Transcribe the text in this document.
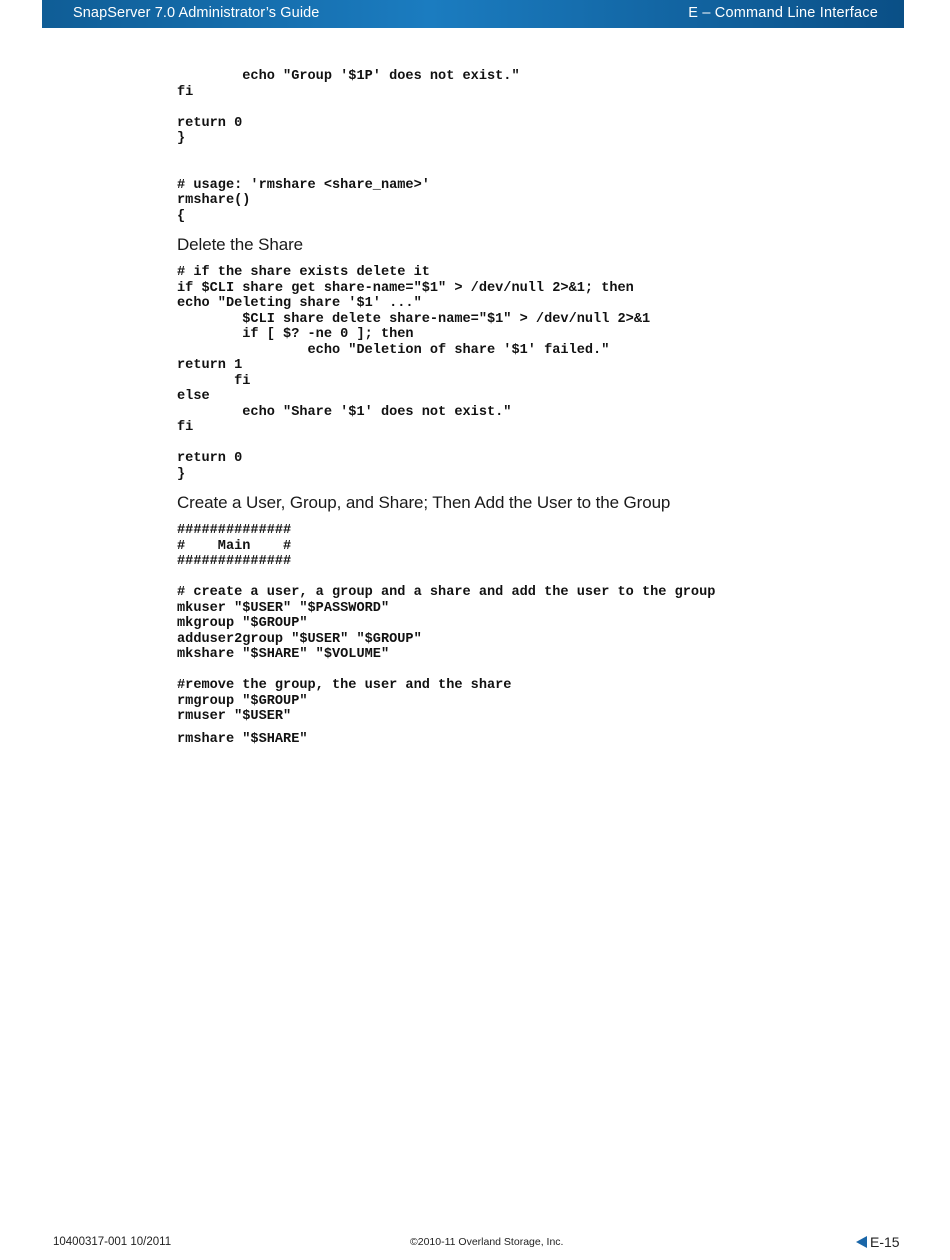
SnapServer 7.0 Administrator’s Guide	E – Command Line Interface
echo "Group '$1P' does not exist."
fi

return 0
}

# usage: 'rmshare <share_name>'
rmshare()
{
Delete the Share
# if the share exists delete it
if $CLI share get share-name="$1" > /dev/null 2>&1; then
echo "Deleting share '$1' ..."
$CLI share delete share-name="$1" > /dev/null 2>&1
if [ $? -ne 0 ]; then
echo "Deletion of share '$1' failed."
return 1
fi
else
echo "Share '$1' does not exist."
fi

return 0
}
Create a User, Group, and Share; Then Add the User to the Group
##############
#    Main    #
##############

# create a user, a group and a share and add the user to the group
mkuser "$USER" "$PASSWORD"
mkgroup "$GROUP"
adduser2group "$USER" "$GROUP"
mkshare "$SHARE" "$VOLUME"

#remove the group, the user and the share
rmgroup "$GROUP"
rmuser "$USER"
rmshare "$SHARE"
10400317-001 10/2011	©2010-11 Overland Storage, Inc.	E-15
